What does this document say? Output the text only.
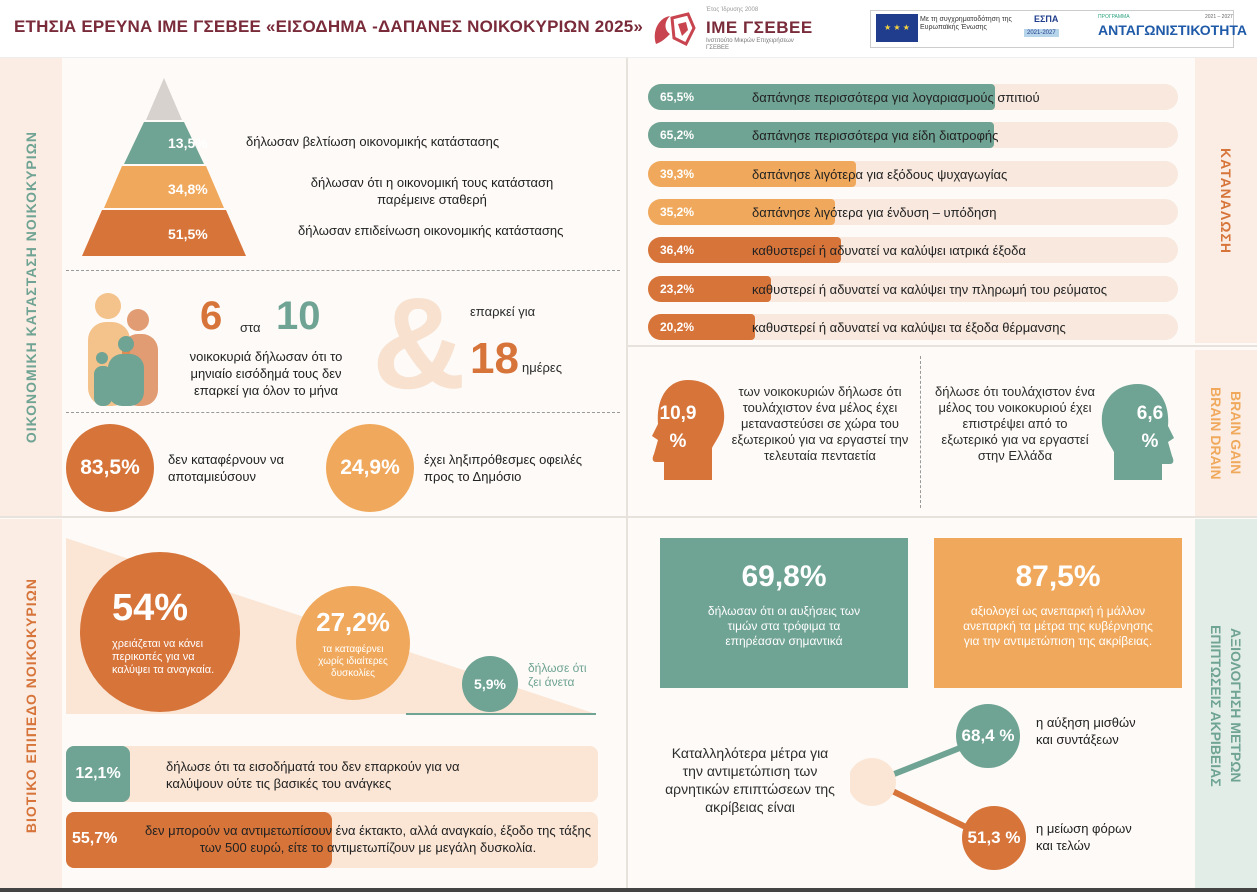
ΕΤΗΣΙΑ ΕΡΕΥΝΑ ΙΜΕ ΓΣΕΒΕΕ «ΕΙΣΟΔΗΜΑ -ΔΑΠΑΝΕΣ ΝΟΙΚΟΚΥΡΙΩΝ 2025»
Έτος Ίδρυσης 2008
ΙΜΕ ΓΣΕΒΕΕ
Ινστιτούτο Μικρών Επιχειρήσεων ΓΣΕΒΕΕ
★ ★ ★
Με τη συγχρηματοδότηση της Ευρωπαϊκής Ένωσης
ΕΣΠΑ
2021-2027
ΠΡΟΓΡΑΜΜΑ	2021 – 2027
ΑΝΤΑΓΩΝΙΣΤΙΚΟΤΗΤΑ
ΟΙΚΟΝΟΜΙΚΗ ΚΑΤΑΣΤΑΣΗ ΝΟΙΚΟΚΥΡΙΩΝ	ΚΑΤΑΝΑΛΩΣΗ
BRAIN DRAIN BRAIN GAIN
ΒΙΟΤΙΚΟ ΕΠΙΠΕΔΟ ΝΟΙΚΟΚΥΡΙΩΝ	ΕΠΙΠΤΩΣΕΙΣ ΑΚΡΙΒΕΙΑΣ ΑΞΙΟΛΟΓΗΣΗ ΜΕΤΡΩΝ
13,5%
34,8%
51,5%
δήλωσαν βελτίωση οικονομικής κατάστασης
δήλωσαν ότι η οικονομική τους κατάσταση παρέμεινε σταθερή
δήλωσαν επιδείνωση οικονομικής κατάστασης
6 στα 10
νοικοκυριά δήλωσαν ότι το μηνιαίο εισόδημά τους δεν επαρκεί για όλον το μήνα & επαρκεί για
18 ημέρες
83,5%	δεν καταφέρνουν να αποταμιεύσουν	24,9%	έχει ληξιπρόθεσμες οφειλές προς το Δημόσιο
65,5%	δαπάνησε περισσότερα για λογαριασμούς σπιτιού
65,2%	δαπάνησε περισσότερα για είδη διατροφής
39,3%	δαπάνησε λιγότερα για εξόδους ψυχαγωγίας
35,2%	δαπάνησε λιγότερα για ένδυση – υπόδηση
36,4%	καθυστερεί ή αδυνατεί να καλύψει ιατρικά έξοδα
23,2%	καθυστερεί ή αδυνατεί να καλύψει την πληρωμή του ρεύματος
20,2%	καθυστερεί ή αδυνατεί να καλύψει τα έξοδα θέρμανσης
10,9 %
των νοικοκυριών δήλωσε ότι τουλάχιστον ένα μέλος έχει μεταναστεύσει σε χώρα του εξωτερικού για να εργαστεί την τελευταία πενταετία
6,6 %
δήλωσε ότι τουλάχιστον ένα μέλος του νοικοκυριού έχει επιστρέψει από το εξωτερικό για να εργαστεί στην Ελλάδα
54%
χρειάζεται να κάνει περικοπές για να καλύψει τα αναγκαία.
27,2%
τα καταφέρνει χωρίς ιδιαίτερες δυσκολίες
5,9%
δήλωσε ότι ζει άνετα
12,1%	δήλωσε ότι τα εισοδήματά του δεν επαρκούν για να καλύψουν ούτε τις βασικές του ανάγκες
55,7% δεν μπορούν να αντιμετωπίσουν ένα έκτακτο, αλλά αναγκαίο, έξοδο της τάξης των 500 ευρώ, είτε το αντιμετωπίζουν με μεγάλη δυσκολία.
69,8%
δήλωσαν ότι οι αυξήσεις των τιμών στα τρόφιμα τα επηρέασαν σημαντικά
87,5%
αξιολογεί ως ανεπαρκή ή μάλλον ανεπαρκή τα μέτρα της κυβέρνησης για την αντιμετώπιση της ακρίβειας.
Καταλληλότερα μέτρα για την αντιμετώπιση των αρνητικών επιπτώσεων της ακρίβειας είναι
68,4 %
η αύξηση μισθών και συντάξεων
51,3 %	η μείωση φόρων και τελών
